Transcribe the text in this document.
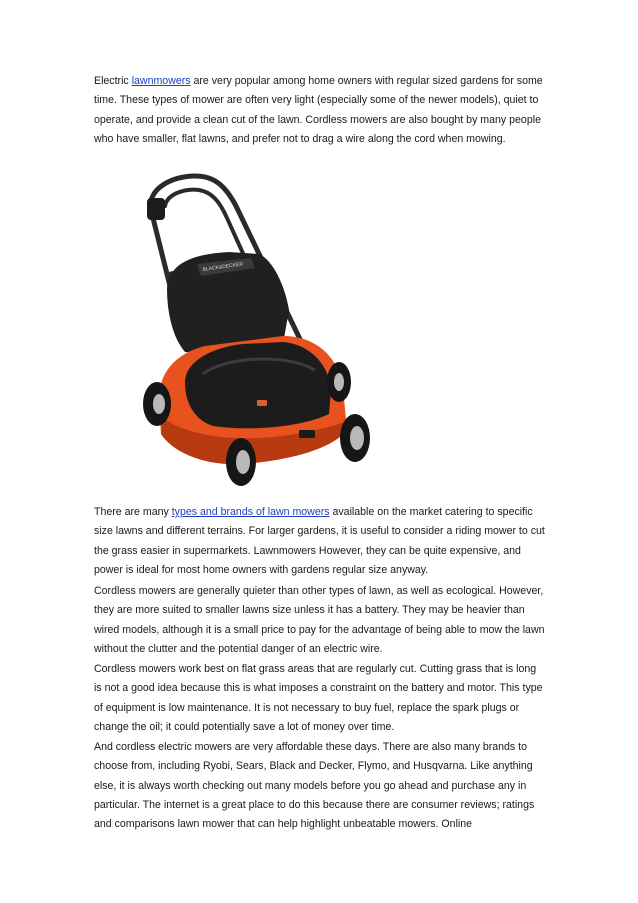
Electric lawnmowers are very popular among home owners with regular sized gardens for some time. These types of mower are often very light (especially some of the newer models), quiet to operate, and provide a clean cut of the lawn. Cordless mowers are also bought by many people who have smaller, flat lawns, and prefer not to drag a wire along the cord when mowing.

BLACK&DECKER

There are many types and brands of lawn mowers available on the market catering to specific size lawns and different terrains. For larger gardens, it is useful to consider a riding mower to cut the grass easier in supermarkets. Lawnmowers However, they can be quite expensive, and power is ideal for most home owners with gardens regular size anyway.

Cordless mowers are generally quieter than other types of lawn, as well as ecological. However, they are more suited to smaller lawns size unless it has a battery. They may be heavier than wired models, although it is a small price to pay for the advantage of being able to mow the lawn without the clutter and the potential danger of an electric wire.

Cordless mowers work best on flat grass areas that are regularly cut. Cutting grass that is long is not a good idea because this is what imposes a constraint on the battery and motor. This type of equipment is low maintenance. It is not necessary to buy fuel, replace the spark plugs or change the oil; it could potentially save a lot of money over time.

And cordless electric mowers are very affordable these days. There are also many brands to choose from, including Ryobi, Sears, Black and Decker, Flymo, and Husqvarna. Like anything else, it is always worth checking out many models before you go ahead and purchase any in particular. The internet is a great place to do this because there are consumer reviews; ratings and comparisons lawn mower that can help highlight unbeatable mowers. Online
